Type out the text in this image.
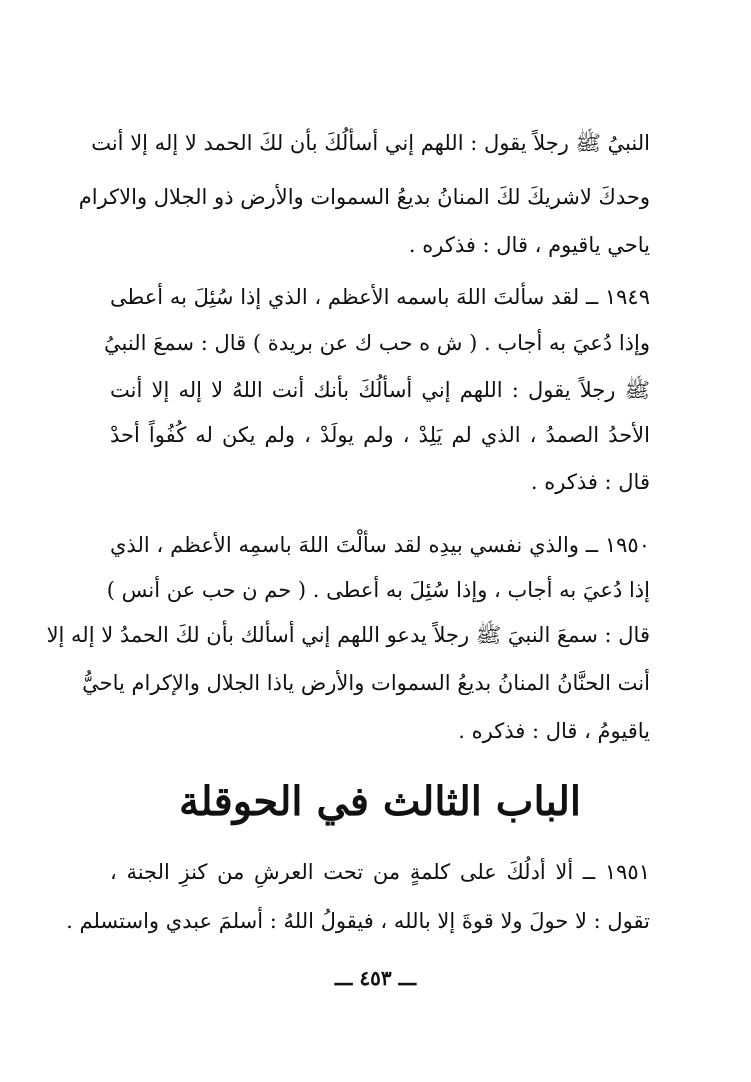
النبيُ ﷺ رجلاً يقول : اللهم إني أسألُكَ بأن لكَ الحمد لا إله إلا أنت
وحدكَ لاشريكَ لكَ المنانُ بديعُ السموات والأرض ذو الجلال والاكرام
ياحي ياقيوم ، قال : فذكره .
١٩٤٩ ــ لقد سألتَ اللهَ باسمه الأعظم ، الذي إذا سُئِلَ به أعطى
وإذا دُعيَ به أجاب . ( ش ه حب ك عن بريدة ) قال : سمعَ النبيُ
ﷺ رجلاً يقول : اللهم إني أسألُكَ بأنك أنت اللهُ لا إله إلا أنت
الأحدُ الصمدُ ، الذي لم يَلِدْ ، ولم يولَدْ ، ولم يكن له كُفُواً أحدْ
قال : فذكره .
١٩٥٠ ــ والذي نفسي بيدِه لقد سألْتَ اللهَ باسمِه الأعظم ، الذي
إذا دُعيَ به أجاب ، وإذا سُئِلَ به أعطى . ( حم ن حب عن أنس )
قال : سمعَ النبيَ ﷺ رجلاً يدعو اللهم إني أسألك بأن لكَ الحمدُ لا إله إلا
أنت الحنَّانُ المنانُ بديعُ السموات والأرض ياذا الجلال والإكرام ياحيُّ
ياقيومُ ، قال : فذكره .
الباب الثالث في الحوقلة
١٩٥١ ــ ألا أدلُكَ على كلمةٍ من تحت العرشِ من كنزِ الجنة ،
تقول : لا حولَ ولا قوةَ إلا بالله ، فيقولُ اللهُ : أسلمَ عبدي واستسلم .
ـــ ٤٥٣ ـــ
